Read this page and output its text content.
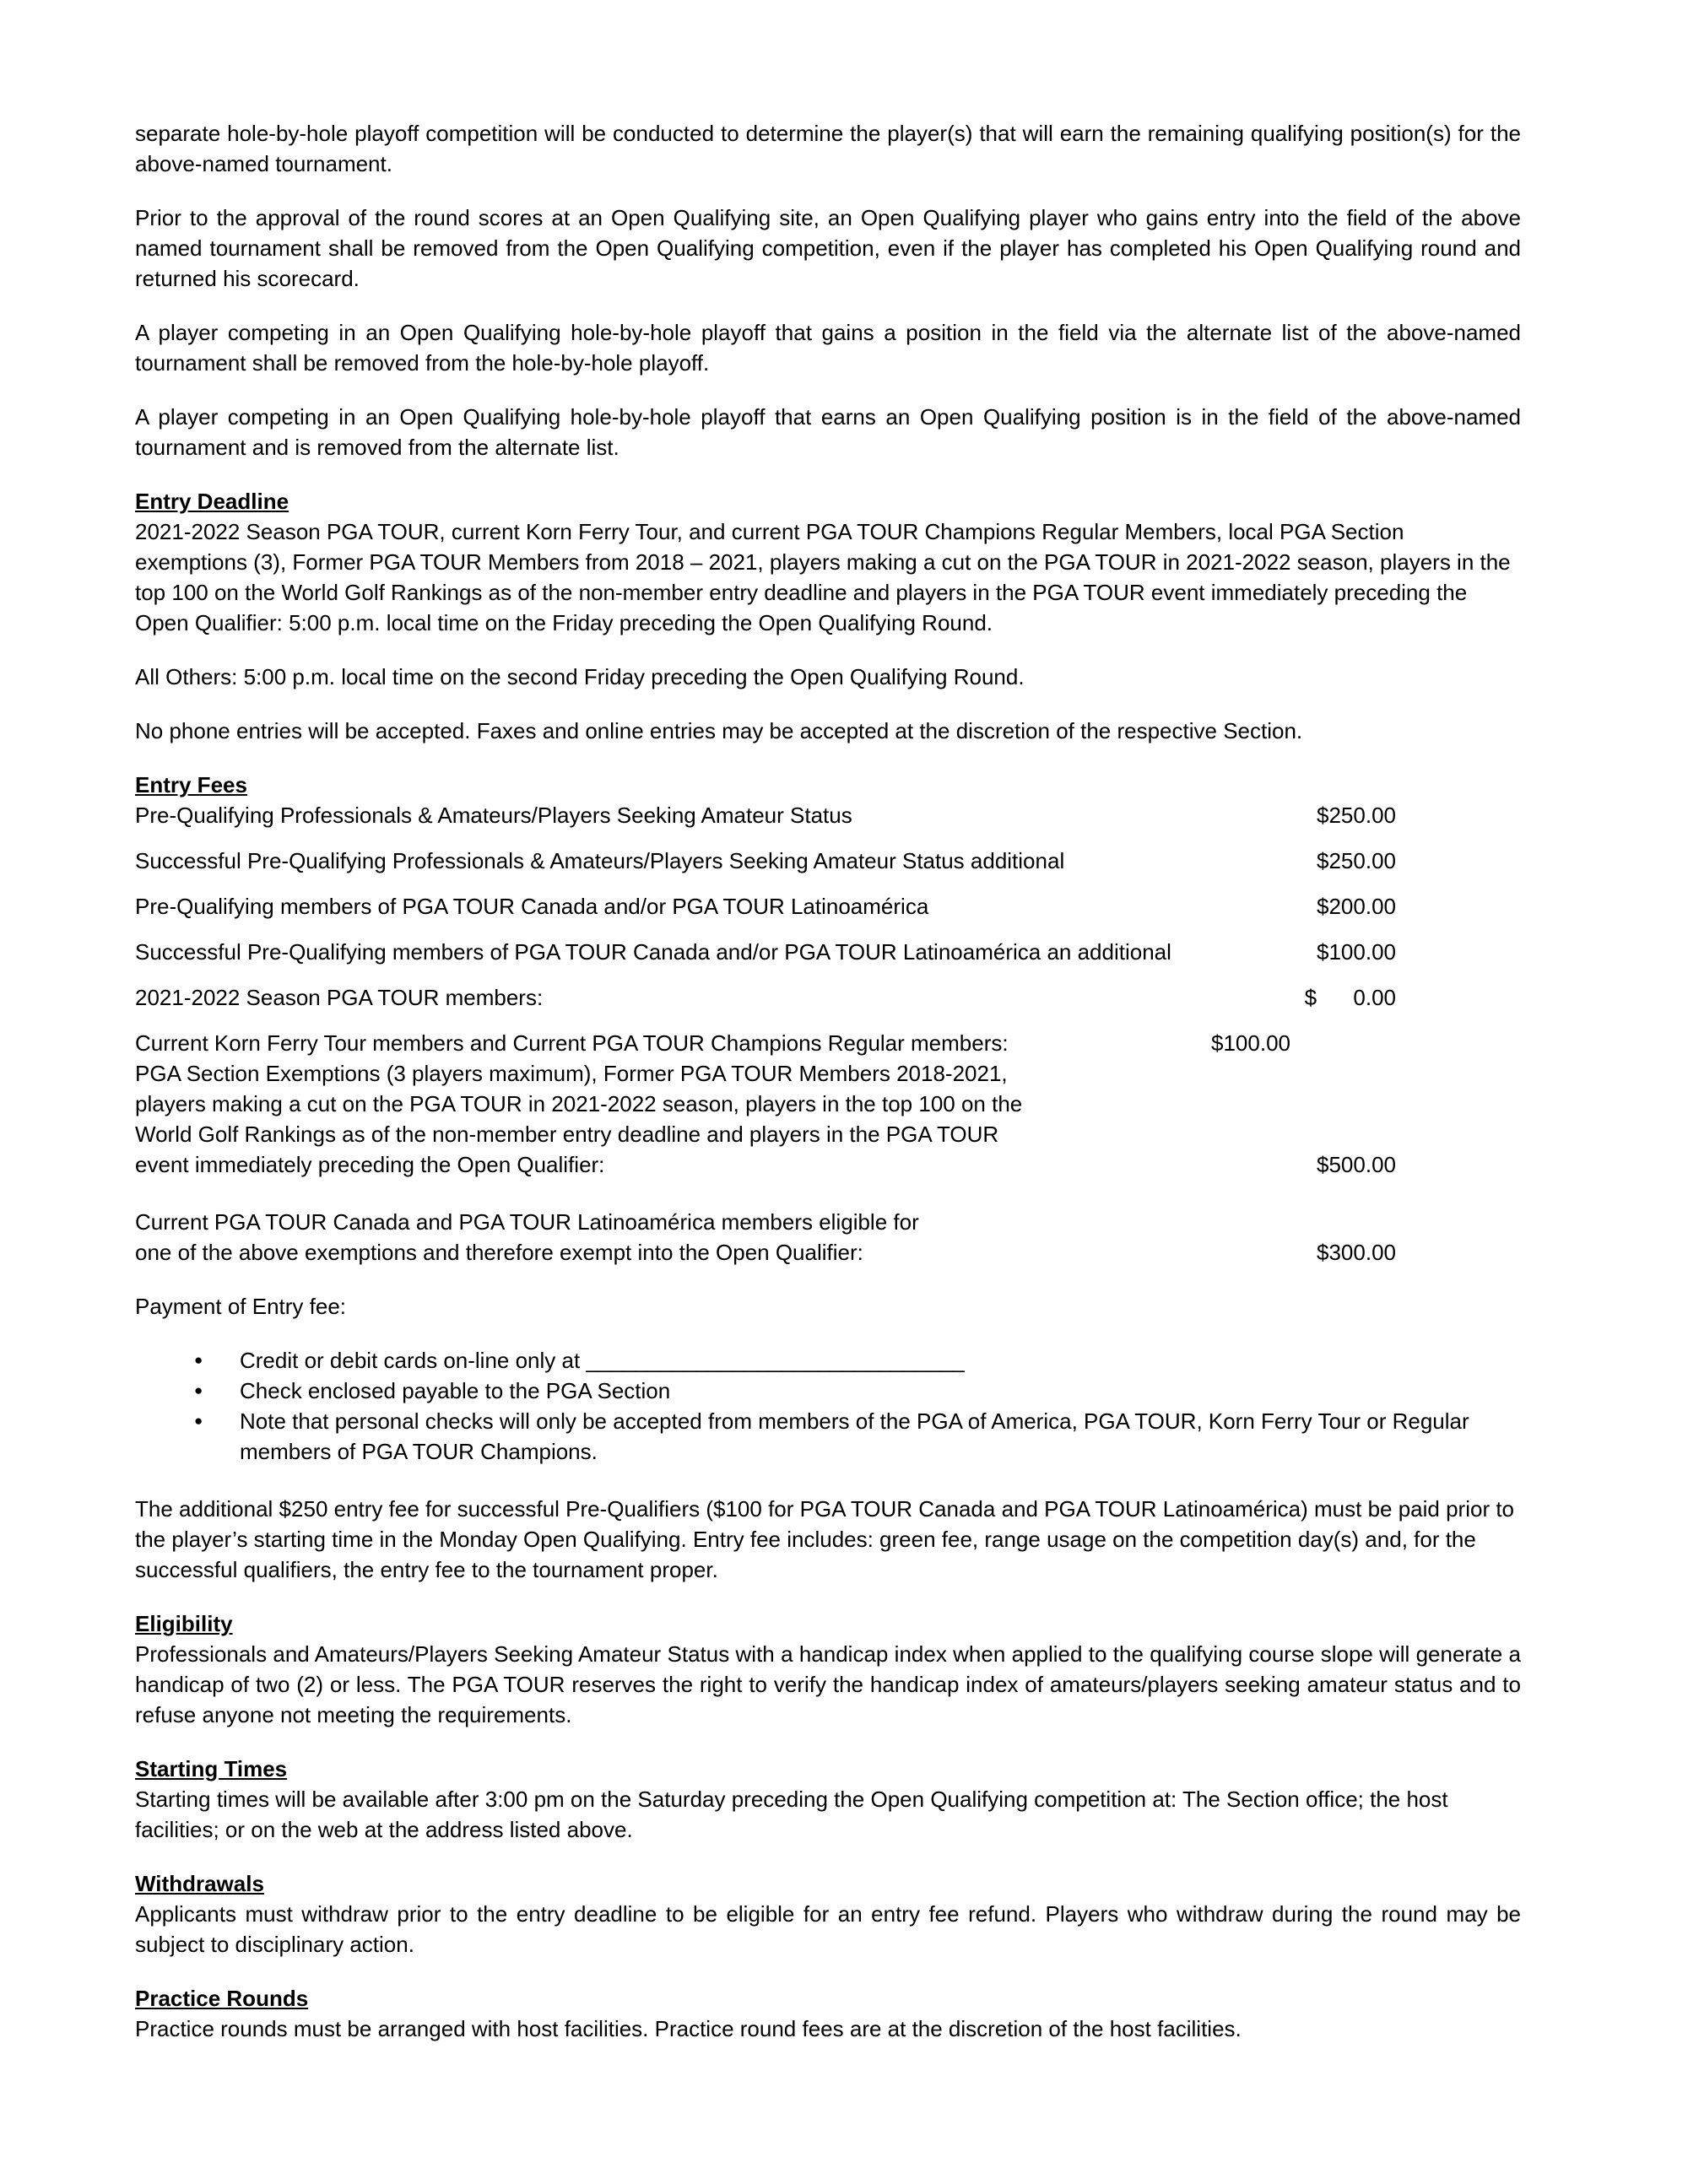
separate hole-by-hole playoff competition will be conducted to determine the player(s) that will earn the remaining qualifying position(s) for the above-named tournament.

Prior to the approval of the round scores at an Open Qualifying site, an Open Qualifying player who gains entry into the field of the above named tournament shall be removed from the Open Qualifying competition, even if the player has completed his Open Qualifying round and returned his scorecard.

A player competing in an Open Qualifying hole-by-hole playoff that gains a position in the field via the alternate list of the above-named tournament shall be removed from the hole-by-hole playoff.

A player competing in an Open Qualifying hole-by-hole playoff that earns an Open Qualifying position is in the field of the above-named tournament and is removed from the alternate list.

Entry Deadline

2021-2022 Season PGA TOUR, current Korn Ferry Tour, and current PGA TOUR Champions Regular Members, local PGA Section exemptions (3), Former PGA TOUR Members from 2018 – 2021, players making a cut on the PGA TOUR in 2021-2022 season, players in the top 100 on the World Golf Rankings as of the non-member entry deadline and players in the PGA TOUR event immediately preceding the Open Qualifier: 5:00 p.m. local time on the Friday preceding the Open Qualifying Round.

All Others: 5:00 p.m. local time on the second Friday preceding the Open Qualifying Round.

No phone entries will be accepted. Faxes and online entries may be accepted at the discretion of the respective Section.

Entry Fees
Pre-Qualifying Professionals & Amateurs/Players Seeking Amateur Status	$250.00
Successful Pre-Qualifying Professionals & Amateurs/Players Seeking Amateur Status additional	$250.00
Pre-Qualifying members of PGA TOUR Canada and/or PGA TOUR Latinoamérica	$200.00
Successful Pre-Qualifying members of PGA TOUR Canada and/or PGA TOUR Latinoamérica an additional	$100.00
2021-2022 Season PGA TOUR members:	$      0.00
Current Korn Ferry Tour members and Current PGA TOUR Champions Regular members:	$100.00
PGA Section Exemptions (3 players maximum), Former PGA TOUR Members 2018-2021,
players making a cut on the PGA TOUR in 2021-2022 season, players in the top 100 on the
World Golf Rankings as of the non-member entry deadline and players in the PGA TOUR
event immediately preceding the Open Qualifier:	$500.00
Current PGA TOUR Canada and PGA TOUR Latinoamérica members eligible for
one of the above exemptions and therefore exempt into the Open Qualifier:	$300.00

Payment of Entry fee:

● Credit or debit cards on-line only at _______________________________
● Check enclosed payable to the PGA Section
● Note that personal checks will only be accepted from members of the PGA of America, PGA TOUR, Korn Ferry Tour or Regular members of PGA TOUR Champions.

The additional $250 entry fee for successful Pre-Qualifiers ($100 for PGA TOUR Canada and PGA TOUR Latinoamérica) must be paid prior to the player’s starting time in the Monday Open Qualifying. Entry fee includes: green fee, range usage on the competition day(s) and, for the successful qualifiers, the entry fee to the tournament proper.

Eligibility

Professionals and Amateurs/Players Seeking Amateur Status with a handicap index when applied to the qualifying course slope will generate a handicap of two (2) or less. The PGA TOUR reserves the right to verify the handicap index of amateurs/players seeking amateur status and to refuse anyone not meeting the requirements.

Starting Times

Starting times will be available after 3:00 pm on the Saturday preceding the Open Qualifying competition at: The Section office; the host facilities; or on the web at the address listed above.

Withdrawals

Applicants must withdraw prior to the entry deadline to be eligible for an entry fee refund. Players who withdraw during the round may be subject to disciplinary action.

Practice Rounds

Practice rounds must be arranged with host facilities. Practice round fees are at the discretion of the host facilities.
